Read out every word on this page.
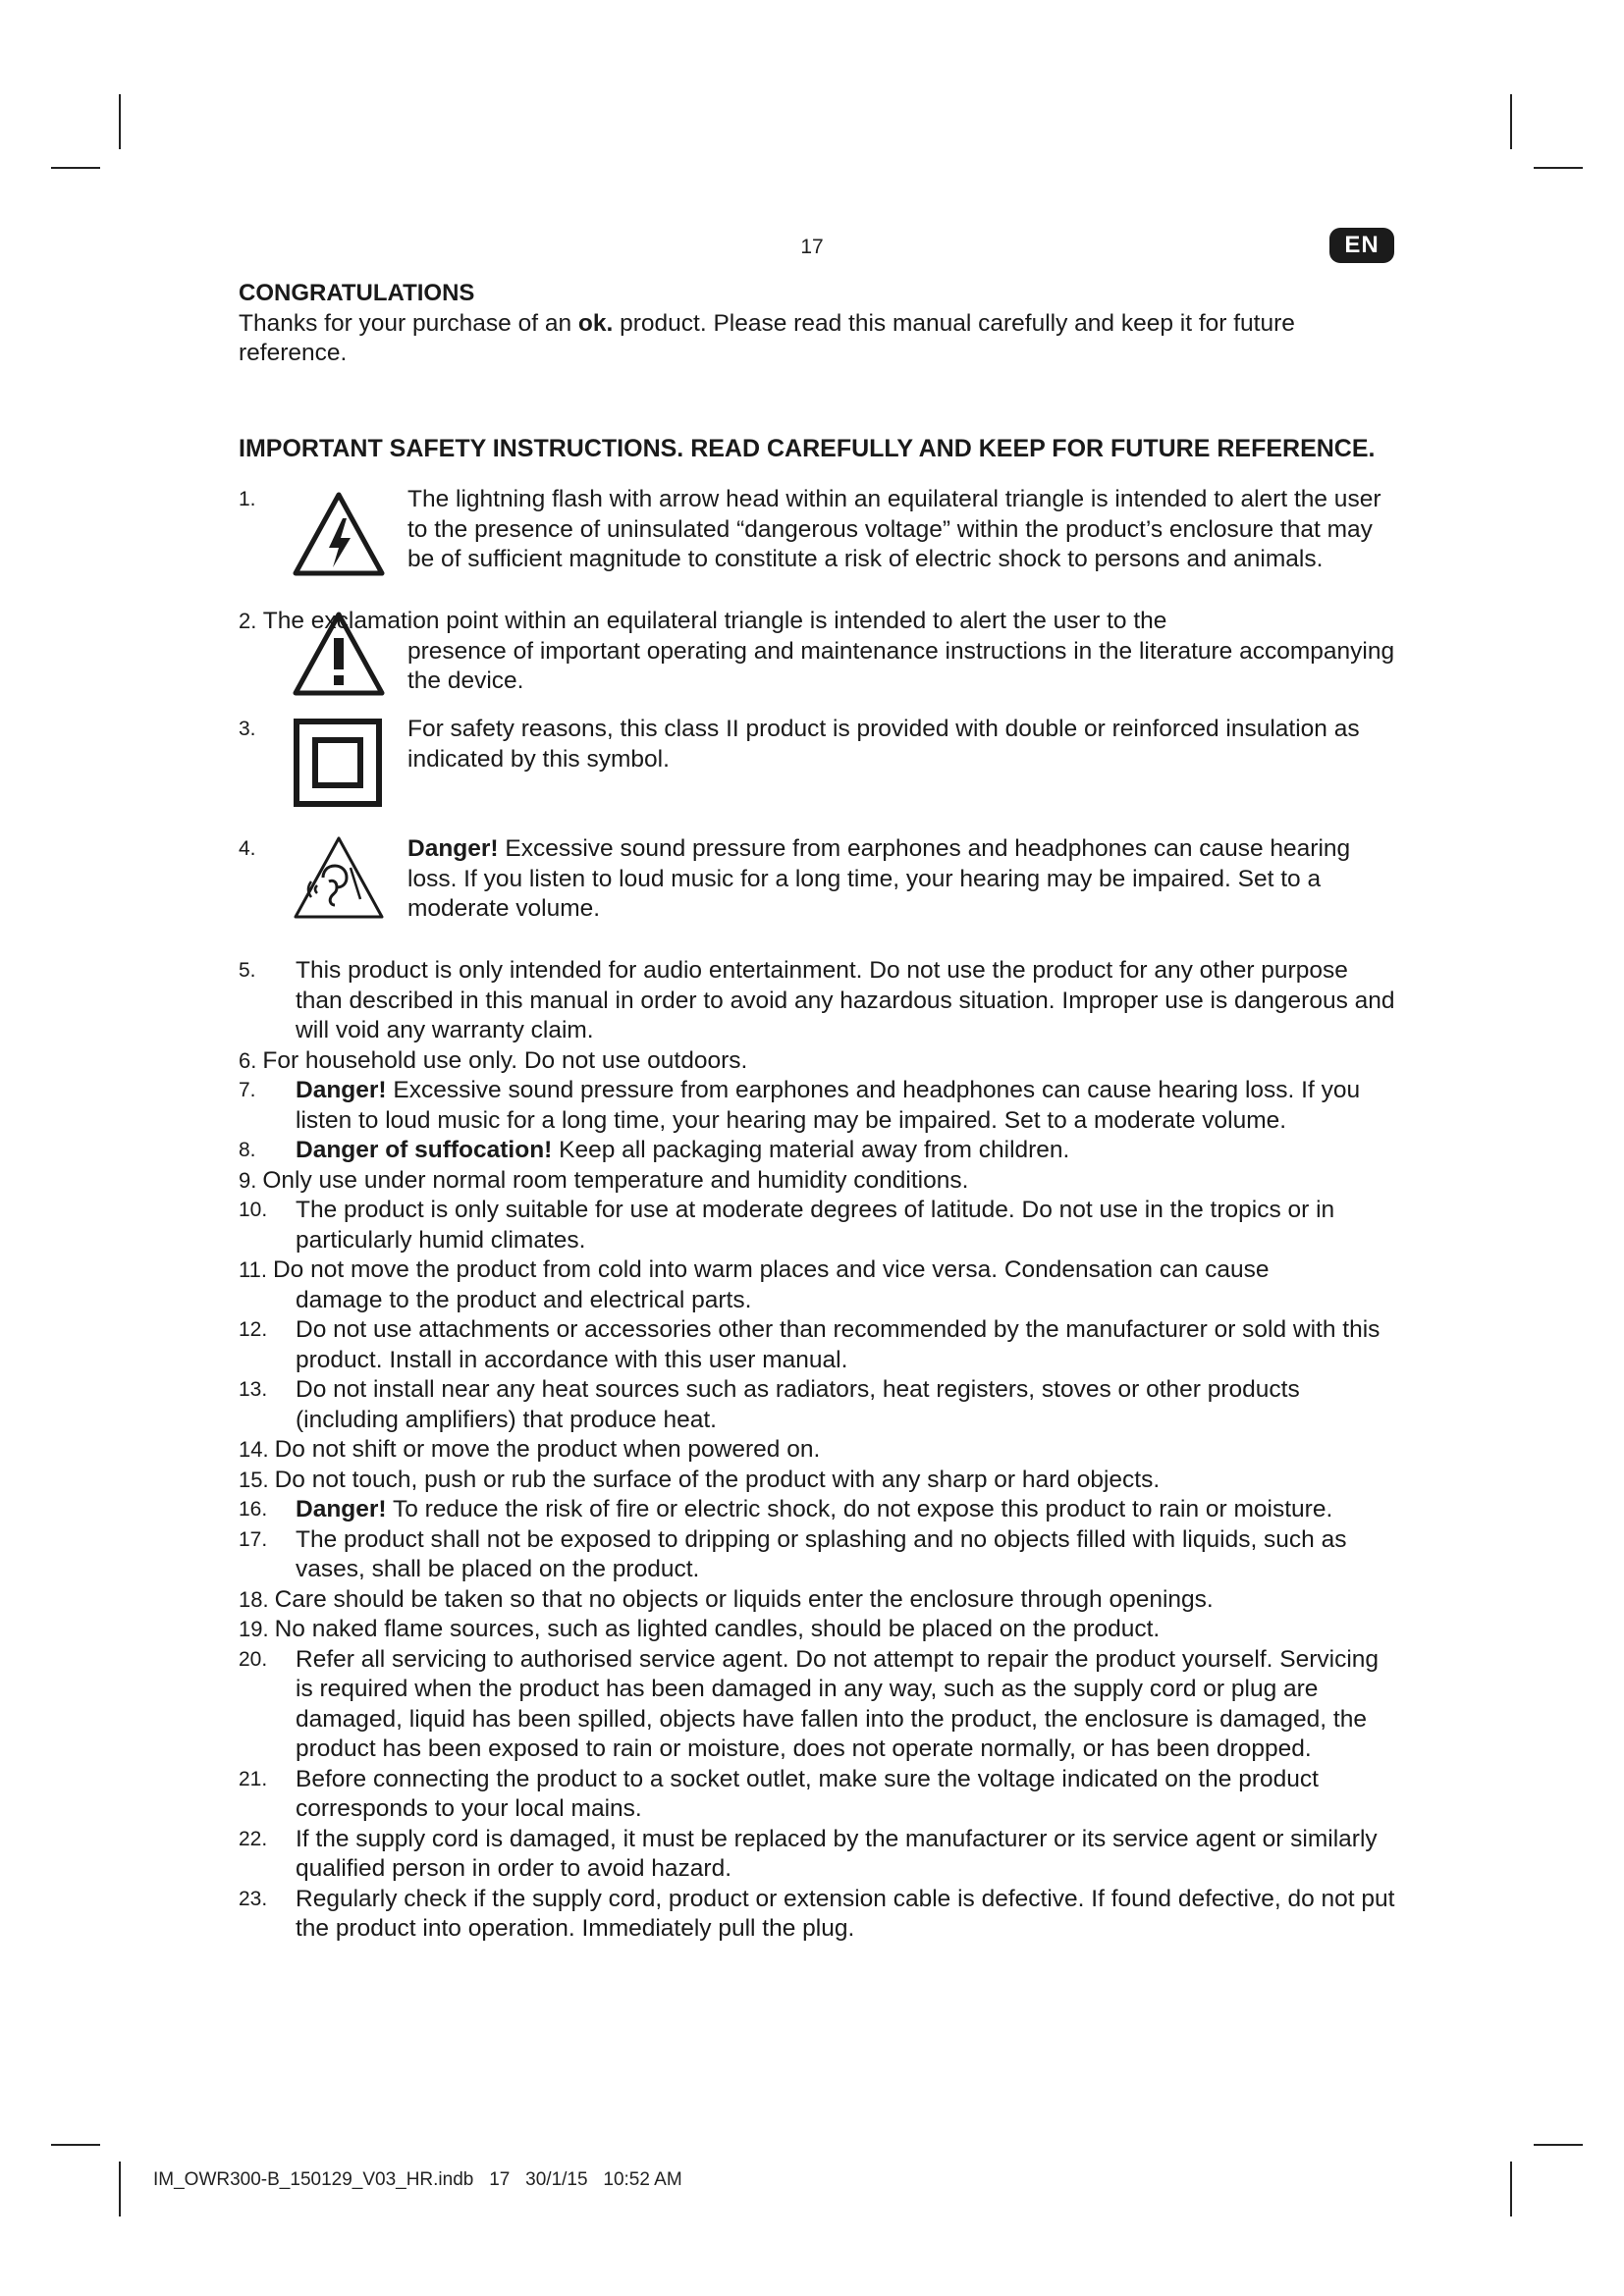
17	EN

CONGRATULATIONS

Thanks for your purchase of an ok. product. Please read this manual carefully and keep it for future reference.

IMPORTANT SAFETY INSTRUCTIONS. READ CAREFULLY AND KEEP FOR FUTURE REFERENCE.

1.	The lightning flash with arrow head within an equilateral triangle is intended to alert the user to the presence of uninsulated “dangerous voltage” within the product’s enclosure that may be of sufficient magnitude to constitute a risk of electric shock to persons and animals.
2. The exclamation point within an equilateral triangle is intended to alert the user to the
presence of important operating and maintenance instructions in the literature accompanying the device.
3.	For safety reasons, this class II product is provided with double or reinforced insulation as indicated by this symbol.
4.	Danger! Excessive sound pressure from earphones and headphones can cause hearing loss. If you listen to loud music for a long time, your hearing may be impaired. Set to a moderate volume.
5. This product is only intended for audio entertainment. Do not use the product for any other purpose than described in this manual in order to avoid any hazardous situation. Improper use is dangerous and will void any warranty claim.
6. For household use only. Do not use outdoors.
7. Danger! Excessive sound pressure from earphones and headphones can cause hearing loss. If you listen to loud music for a long time, your hearing may be impaired. Set to a moderate volume.
8. Danger of suffocation! Keep all packaging material away from children.
9. Only use under normal room temperature and humidity conditions.
10. The product is only suitable for use at moderate degrees of latitude. Do not use in the tropics or in particularly humid climates.
11. Do not move the product from cold into warm places and vice versa. Condensation can cause
damage to the product and electrical parts.
12. Do not use attachments or accessories other than recommended by the manufacturer or sold with this product. Install in accordance with this user manual.
13. Do not install near any heat sources such as radiators, heat registers, stoves or other products (including amplifiers) that produce heat.
14. Do not shift or move the product when powered on.
15. Do not touch, push or rub the surface of the product with any sharp or hard objects.
16. Danger! To reduce the risk of fire or electric shock, do not expose this product to rain or moisture.
17. The product shall not be exposed to dripping or splashing and no objects filled with liquids, such as vases, shall be placed on the product.
18. Care should be taken so that no objects or liquids enter the enclosure through openings.
19. No naked flame sources, such as lighted candles, should be placed on the product.
20. Refer all servicing to authorised service agent. Do not attempt to repair the product yourself. Servicing is required when the product has been damaged in any way, such as the supply cord or plug are damaged, liquid has been spilled, objects have fallen into the product, the enclosure is damaged, the product has been exposed to rain or moisture, does not operate normally, or has been dropped.
21. Before connecting the product to a socket outlet, make sure the voltage indicated on the product corresponds to your local mains.
22. If the supply cord is damaged, it must be replaced by the manufacturer or its service agent or similarly qualified person in order to avoid hazard.
23. Regularly check if the supply cord, product or extension cable is defective. If found defective, do not put the product into operation. Immediately pull the plug.
IM_OWR300-B_150129_V03_HR.indb   17   30/1/15   10:52 AM
